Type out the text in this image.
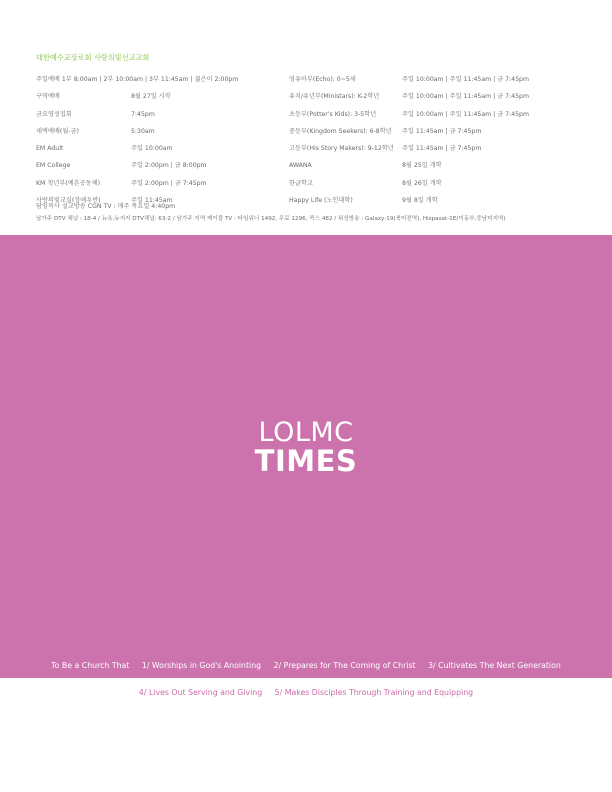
대한예수교장로회 사랑의빛선교교회
주일예배 1부 8:00am | 2부 10:00am | 3부 11:45am | 젊은이 2:00pm
구역예배	8월 27일 시작
금요영성집회	7:45pm
새벽예배(월-금)	5:30am
EM Adult	주일 10:00am
EM College	주일 2:00pm | 금 8:00pm
KM 청년부(예흔공동체)	주일 2:00pm | 금 7:45pm
사랑의빛교실(장애우반)	주일 11:45am
영유아부(Echo): 0~5세	주일 10:00am | 주일 11:45am | 금 7:45pm
유치/유년부(Ministars): K-2학년	주일 10:00am | 주일 11:45am | 금 7:45pm
초등부(Potter's Kids): 3-5학년	주일 10:00am | 주일 11:45am | 금 7:45pm
중등부(Kingdom Seekers): 6-8학년 주일 11:45am | 금 7:45pm
고등부(His Story Makers): 9-12학년 주일 11:45am | 금 7:45pm
AWANA	8월 25일 개학
한글학교	8월 26일 개학
Happy Life (노인대학)	9월 8일 개학
담임목사 설교방송 CGN TV : 매주 목요일 4:40pm
남가주 DTV 채널 : 18-4 / 뉴욕,뉴저지 DTV채널: 63-2 / 남가주 지역 케이블 TV : 타임워너 1492, 무료 1296, 콕스 482 / 위성방송 : Galaxy-19(북미전역), Hispasat-1E(미동부,중남미지역)
LOLMC
TIMES
To Be a Church That 1/ Worships in God's Anointing 2/ Prepares for The Coming of Christ 3/ Cultivates The Next Generation
4/ Lives Out Serving and Giving 5/ Makes Disciples Through Training and Equipping
